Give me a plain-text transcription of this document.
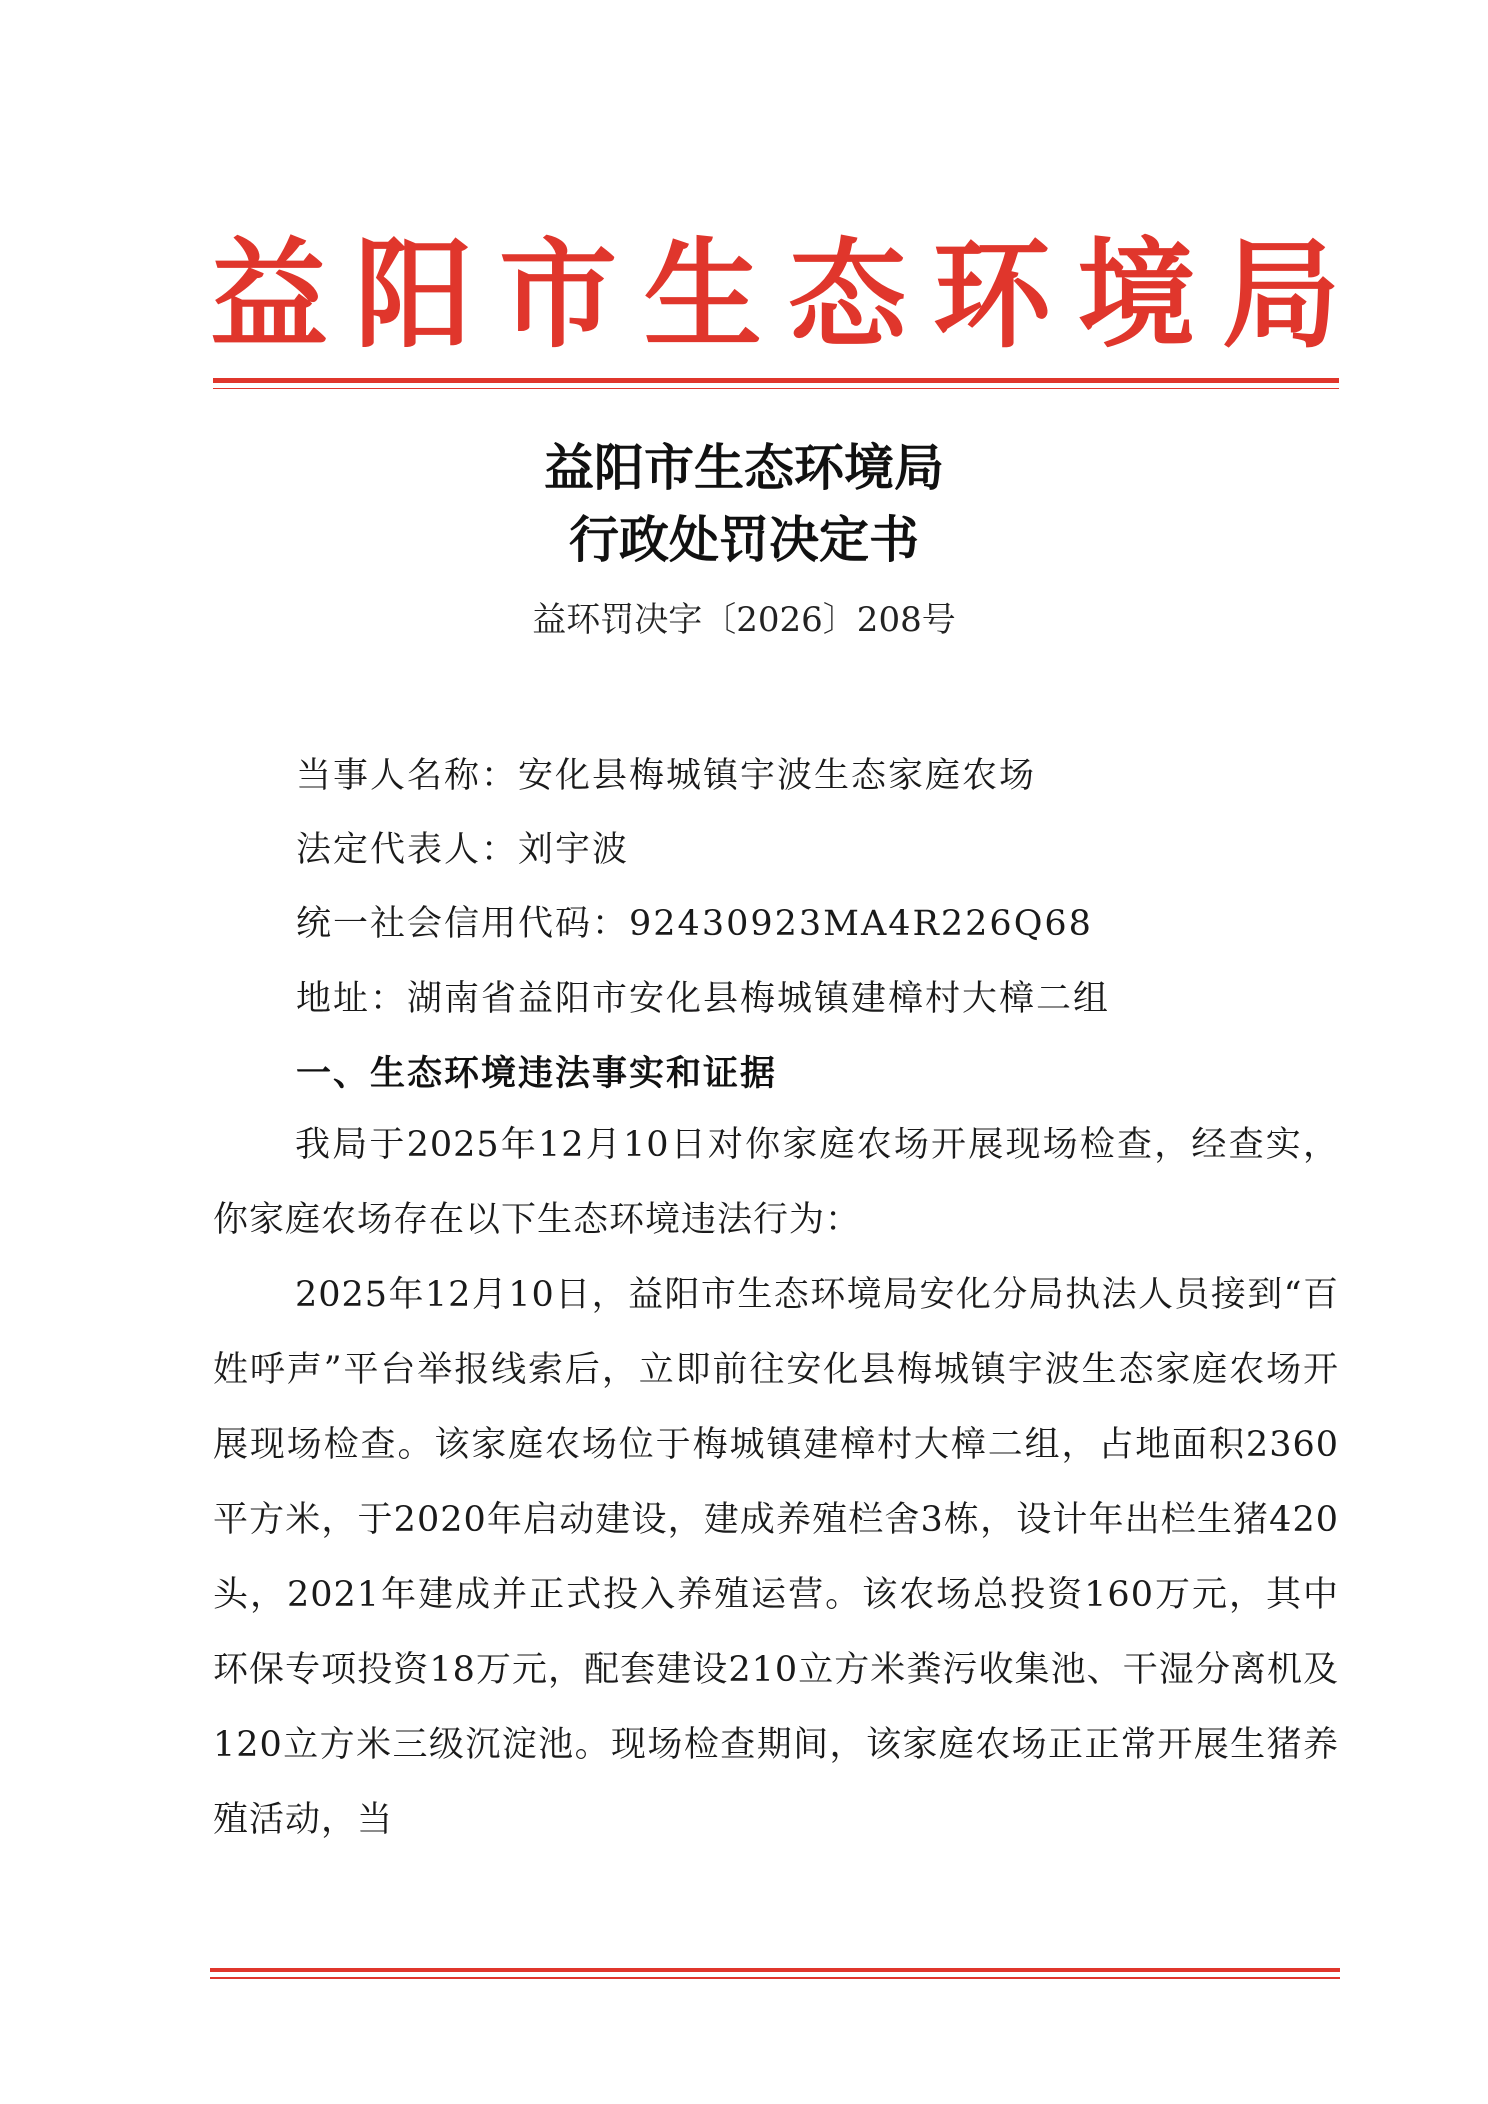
益阳市生态环境局
益阳市生态环境局
行政处罚决定书
益环罚决字〔2026〕208号
当事人名称：安化县梅城镇宇波生态家庭农场
法定代表人：刘宇波
统一社会信用代码：92430923MA4R226Q68
地址：湖南省益阳市安化县梅城镇建樟村大樟二组
一、生态环境违法事实和证据

我局于2025年12月10日对你家庭农场开展现场检查，经查实，你家庭农场存在以下生态环境违法行为：

2025年12月10日，益阳市生态环境局安化分局执法人员接到“百姓呼声”平台举报线索后，立即前往安化县梅城镇宇波生态家庭农场开展现场检查。该家庭农场位于梅城镇建樟村大樟二组，占地面积2360平方米，于2020年启动建设，建成养殖栏舍3栋，设计年出栏生猪420头，2021年建成并正式投入养殖运营。该农场总投资160万元，其中环保专项投资18万元，配套建设210立方米粪污收集池、干湿分离机及120立方米三级沉淀池。现场检查期间，该家庭农场正正常开展生猪养殖活动，当
